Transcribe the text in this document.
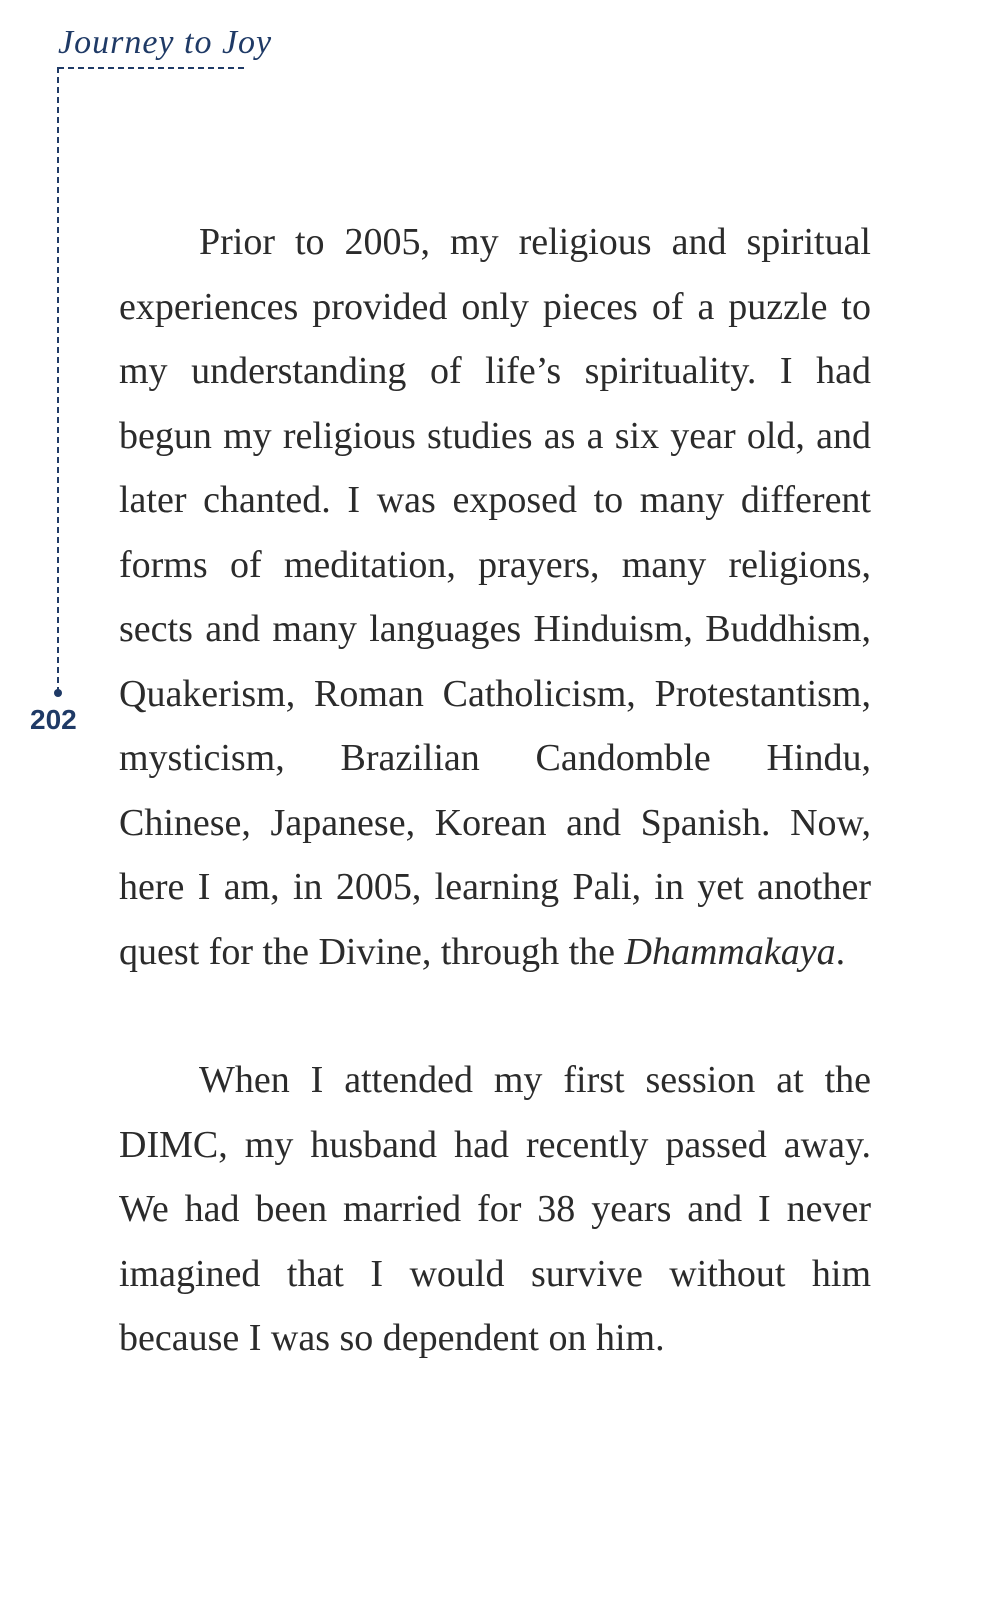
Journey to Joy
202

Prior to 2005, my religious and spiritual experiences provided only pieces of a puzzle to my understanding of life’s spirituality. I had begun my religious studies as a six year old, and later chanted. I was exposed to many different forms of meditation, prayers, many religions, sects and many languages Hinduism, Buddhism, Quakerism, Roman Catholicism, Protestantism, mysticism, Brazilian Candomble Hindu, Chinese, Japanese, Korean and Spanish. Now, here I am, in 2005, learning Pali, in yet another quest for the Divine, through the Dhammakaya.

When I attended my first session at the DIMC, my husband had recently passed away. We had been married for 38 years and I never imagined that I would survive without him because I was so dependent on him.
